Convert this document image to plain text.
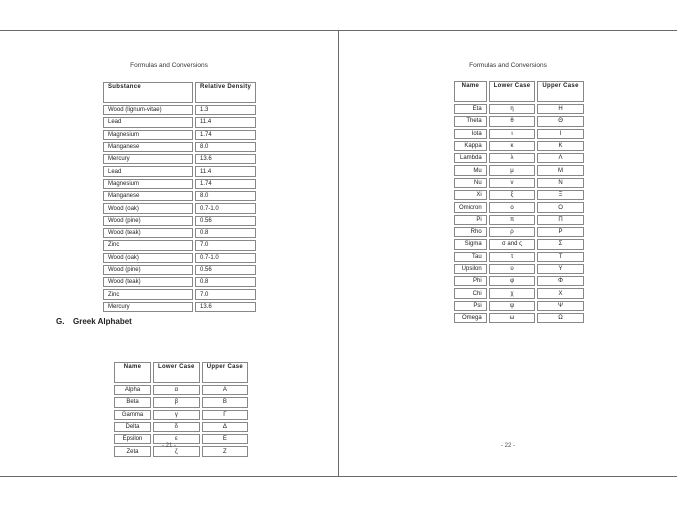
Formulas and Conversions
Substance	Relative Density
Wood (lignum-vitae)	1.3
Lead	11.4
Magnesium	1.74
Manganese	8.0
Mercury	13.6
Lead	11.4
Magnesium	1.74
Manganese	8.0
Wood (oak)	0.7-1.0
Wood (pine)	0.56
Wood (teak)	0.8
Zinc	7.0
Wood (oak)	0.7-1.0
Wood (pine)	0.56
Wood (teak)	0.8
Zinc	7.0
Mercury	13.6
G. Greek Alphabet
Name	Lower Case	Upper Case
Alpha	α	Α
Beta	β	Β
Gamma	γ	Γ
Delta	δ	Δ
Epsilon	ε	Ε
Zeta	ζ	Ζ
- 21 -
Formulas and Conversions
Name	Lower Case	Upper Case
Eta	η	Η
Theta	θ	Θ
Iota	ι	Ι
Kappa	κ	Κ
Lambda	λ	Λ
Mu	μ	Μ
Nu	ν	Ν
Xi	ξ	Ξ
Omicron	ο	Ο
Pi	π	Π
Rho	ρ	Ρ
Sigma	σ and ς	Σ
Tau	τ	Τ
Upsilon	υ	Υ
Phi	φ	Φ
Chi	χ	Χ
Psi	ψ	Ψ
Omega	ω	Ω
- 22 -
